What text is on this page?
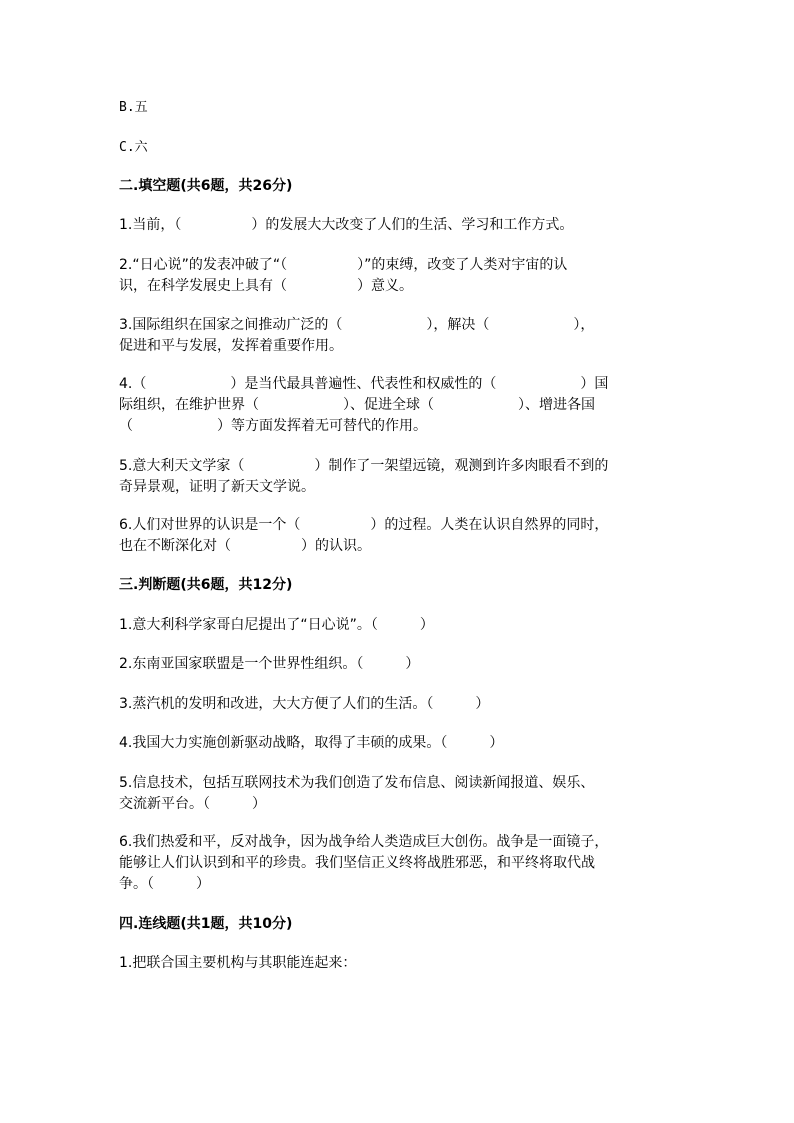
B.五
C.六
二.填空题(共6题，共26分)
1.当前，（　　　　　）的发展大大改变了人们的生活、学习和工作方式。
2.“日心说”的发表冲破了“（　　　　　）”的束缚，改变了人类对宇宙的认
识，在科学发展史上具有（　　　　　）意义。
3.国际组织在国家之间推动广泛的（　　　　　　），解决（　　　　　　），
促进和平与发展，发挥着重要作用。
4.（　　　　　　）是当代最具普遍性、代表性和权威性的（　　　　　　）国
际组织，在维护世界（　　　　　　）、促进全球（　　　　　　）、增进各国
（　　　　　　）等方面发挥着无可替代的作用。
5.意大利天文学家（　　　　　）制作了一架望远镜，观测到许多肉眼看不到的
奇异景观，证明了新天文学说。
6.人们对世界的认识是一个（　　　　　）的过程。人类在认识自然界的同时，
也在不断深化对（　　　　　）的认识。
三.判断题(共6题，共12分)
1.意大利科学家哥白尼提出了“日心说”。（　　　）
2.东南亚国家联盟是一个世界性组织。（　　　）
3.蒸汽机的发明和改进，大大方便了人们的生活。（　　　）
4.我国大力实施创新驱动战略，取得了丰硕的成果。（　　　）
5.信息技术，包括互联网技术为我们创造了发布信息、阅读新闻报道、娱乐、
交流新平台。（　　　）
6.我们热爱和平，反对战争，因为战争给人类造成巨大创伤。战争是一面镜子，
能够让人们认识到和平的珍贵。我们坚信正义终将战胜邪恶，和平终将取代战
争。（　　　）
四.连线题(共1题，共10分)
1.把联合国主要机构与其职能连起来：
